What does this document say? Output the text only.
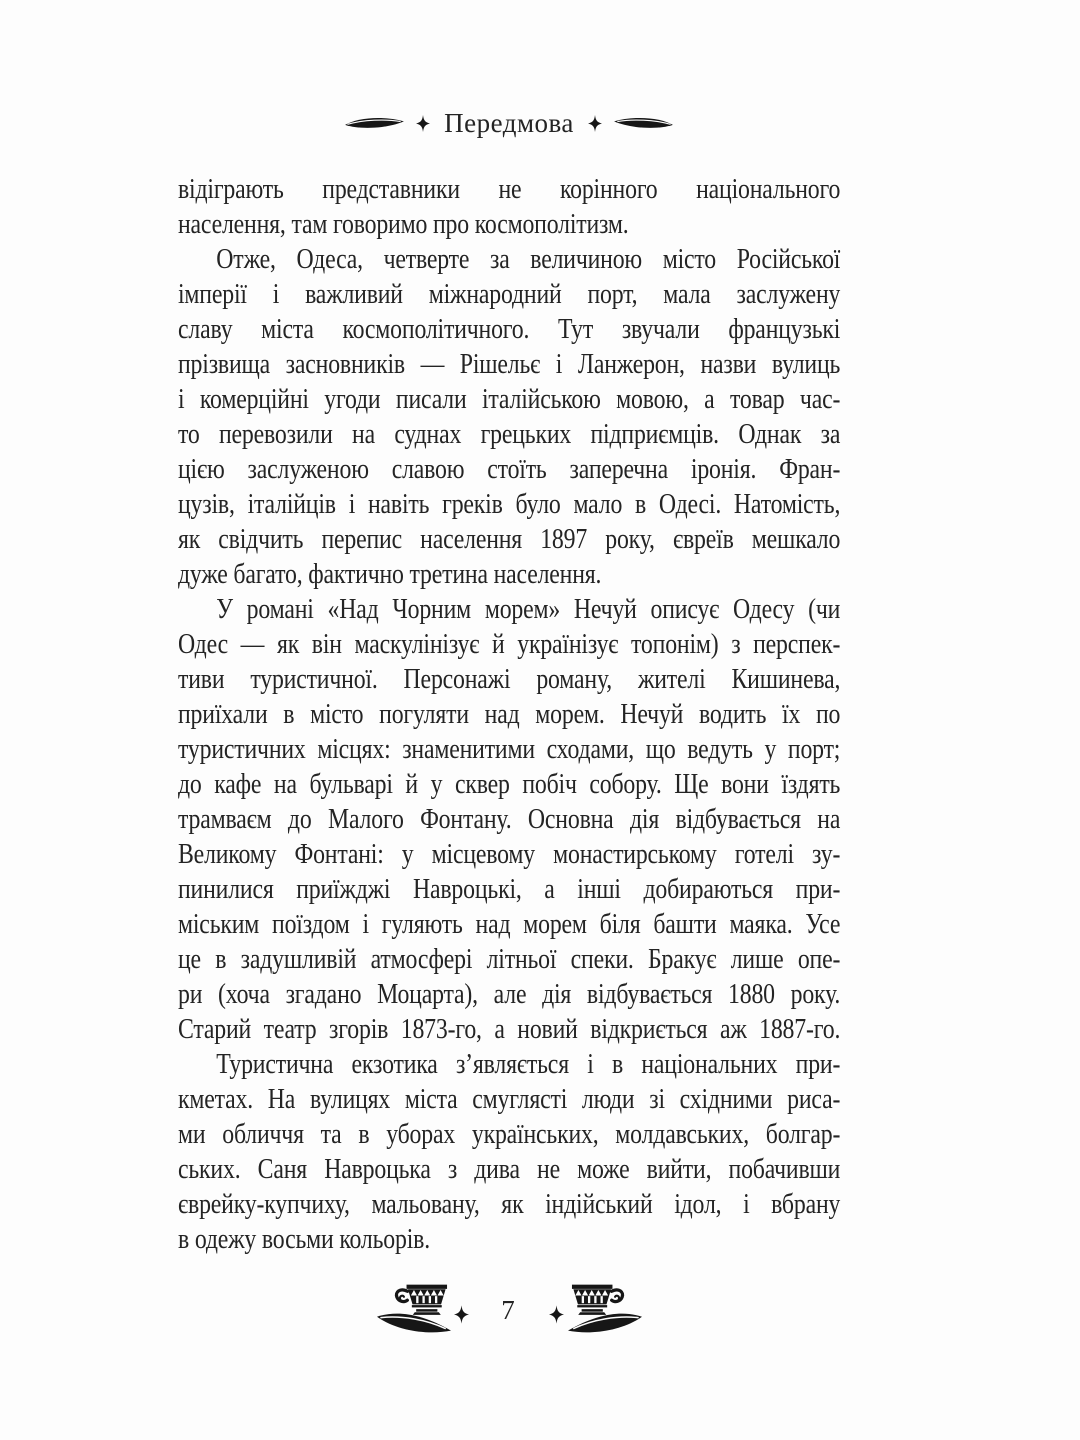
Передмова
відіграють представники не корінного національного
населення, там говоримо про космополітизм.
Отже, Одеса, четверте за величиною місто Російської
імперії і важливий міжнародний порт, мала заслужену
славу міста космополітичного. Тут звучали французькі
прізвища засновників — Рішельє і Ланжерон, назви вулиць
і комерційні угоди писали італійською мовою, а товар час-
то перевозили на суднах грецьких підприємців. Однак за
цією заслуженою славою стоїть заперечна іронія. Фран-
цузів, італійців і навіть греків було мало в Одесі. Натомість,
як свідчить перепис населення 1897 року, євреїв мешкало
дуже багато, фактично третина населення.
У романі «Над Чорним морем» Нечуй описує Одесу (чи
Одес — як він маскулінізує й українізує топонім) з перспек-
тиви туристичної. Персонажі роману, жителі Кишинева,
приїхали в місто погуляти над морем. Нечуй водить їх по
туристичних місцях: знаменитими сходами, що ведуть у порт;
до кафе на бульварі й у сквер побіч собору. Ще вони їздять
трамваєм до Малого Фонтану. Основна дія відбувається на
Великому Фонтані: у місцевому монастирському готелі зу-
пинилися приїжджі Навроцькі, а інші добираються при-
міським поїздом і гуляють над морем біля башти маяка. Усе
це в задушливій атмосфері літньої спеки. Бракує лише опе-
ри (хоча згадано Моцарта), але дія відбувається 1880 року.
Старий театр згорів 1873-го, а новий відкриється аж 1887-го.
Туристична екзотика з’являється і в національних при-
кметах. На вулицях міста смуглясті люди зі східними риса-
ми обличчя та в уборах українських, молдавських, болгар-
ських. Саня Навроцька з дива не може вийти, побачивши
єврейку-купчиху, мальовану, як індійський ідол, і вбрану
в одежу восьми кольорів.
7
